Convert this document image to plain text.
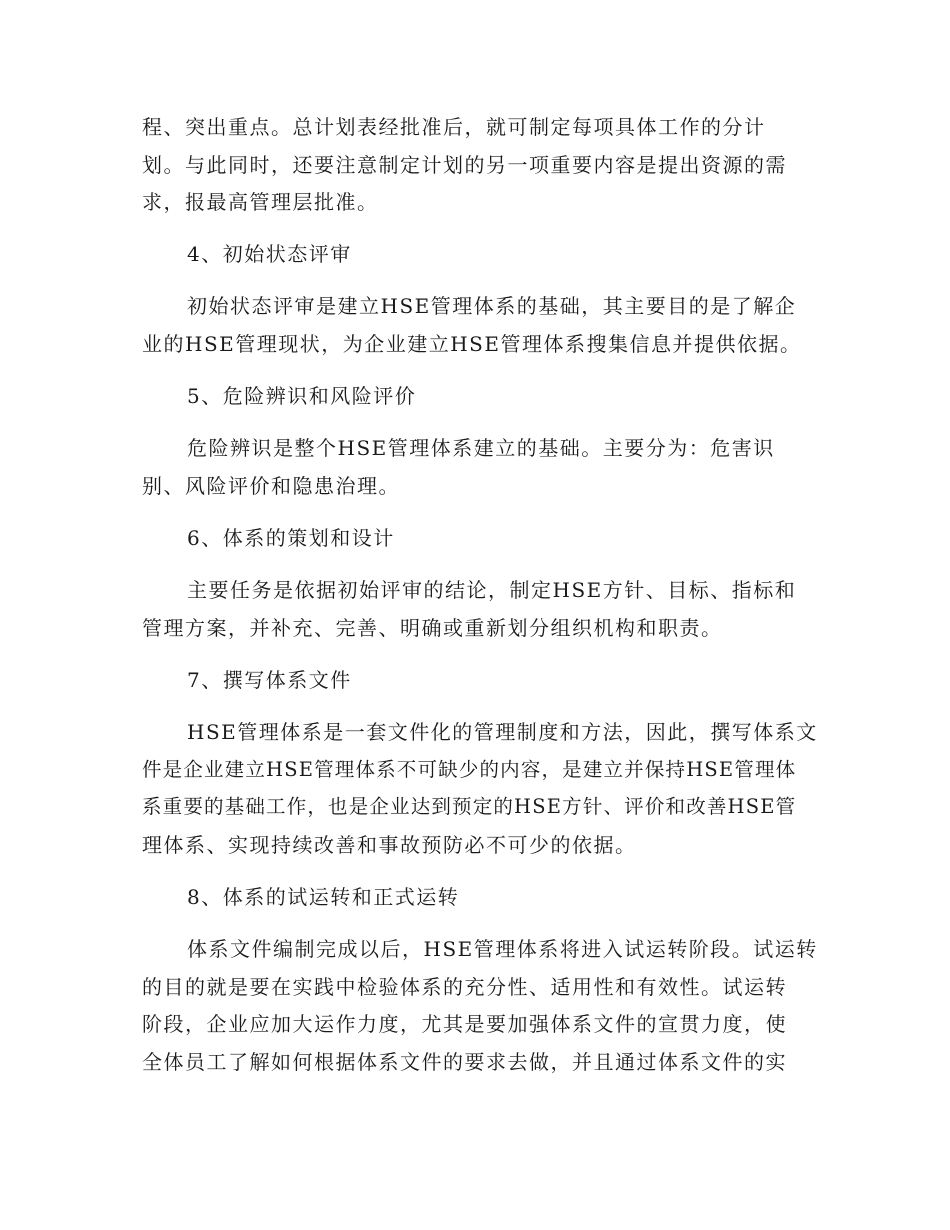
程、突出重点。总计划表经批准后，就可制定每项具体工作的分计
划。与此同时，还要注意制定计划的另一项重要内容是提出资源的需
求，报最高管理层批准。
4、初始状态评审
初始状态评审是建立HSE管理体系的基础，其主要目的是了解企
业的HSE管理现状，为企业建立HSE管理体系搜集信息并提供依据。
5、危险辨识和风险评价
危险辨识是整个HSE管理体系建立的基础。主要分为：危害识
别、风险评价和隐患治理。
6、体系的策划和设计
主要任务是依据初始评审的结论，制定HSE方针、目标、指标和
管理方案，并补充、完善、明确或重新划分组织机构和职责。
7、撰写体系文件
HSE管理体系是一套文件化的管理制度和方法，因此，撰写体系文
件是企业建立HSE管理体系不可缺少的内容，是建立并保持HSE管理体
系重要的基础工作，也是企业达到预定的HSE方针、评价和改善HSE管
理体系、实现持续改善和事故预防必不可少的依据。
8、体系的试运转和正式运转
体系文件编制完成以后，HSE管理体系将进入试运转阶段。试运转
的目的就是要在实践中检验体系的充分性、适用性和有效性。试运转
阶段，企业应加大运作力度，尤其是要加强体系文件的宣贯力度，使
全体员工了解如何根据体系文件的要求去做，并且通过体系文件的实
